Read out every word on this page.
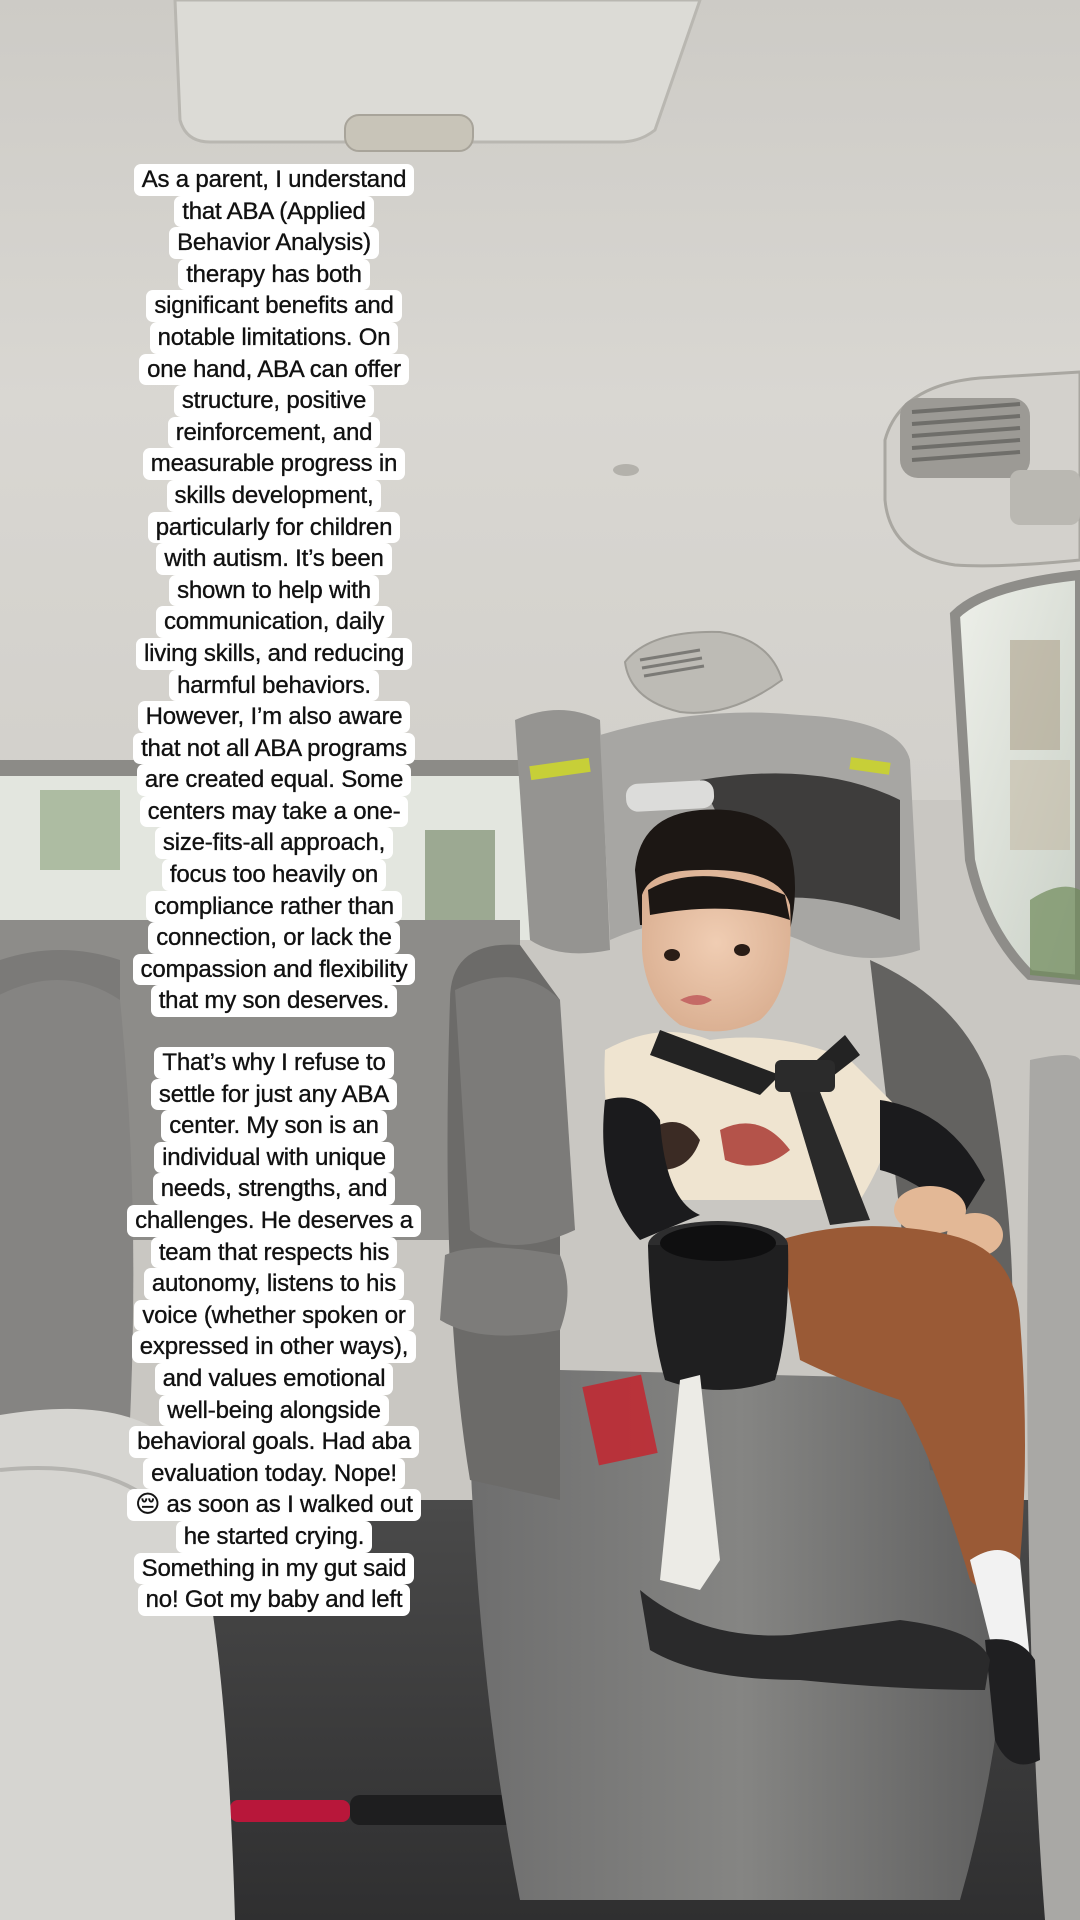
As a parent, I understand
that ABA (Applied
Behavior Analysis)
therapy has both
significant benefits and
notable limitations. On
one hand, ABA can offer
structure, positive
reinforcement, and
measurable progress in
skills development,
particularly for children
with autism. It’s been
shown to help with
communication, daily
living skills, and reducing
harmful behaviors.
However, I’m also aware
that not all ABA programs
are created equal. Some
centers may take a one-
size-fits-all approach,
focus too heavily on
compliance rather than
connection, or lack the
compassion and flexibility
that my son deserves.
That’s why I refuse to
settle for just any ABA
center. My son is an
individual with unique
needs, strengths, and
challenges. He deserves a
team that respects his
autonomy, listens to his
voice (whether spoken or
expressed in other ways),
and values emotional
well-being alongside
behavioral goals. Had aba
evaluation today. Nope!
😔 as soon as I walked out
he started crying.
Something in my gut said
no! Got my baby and left
